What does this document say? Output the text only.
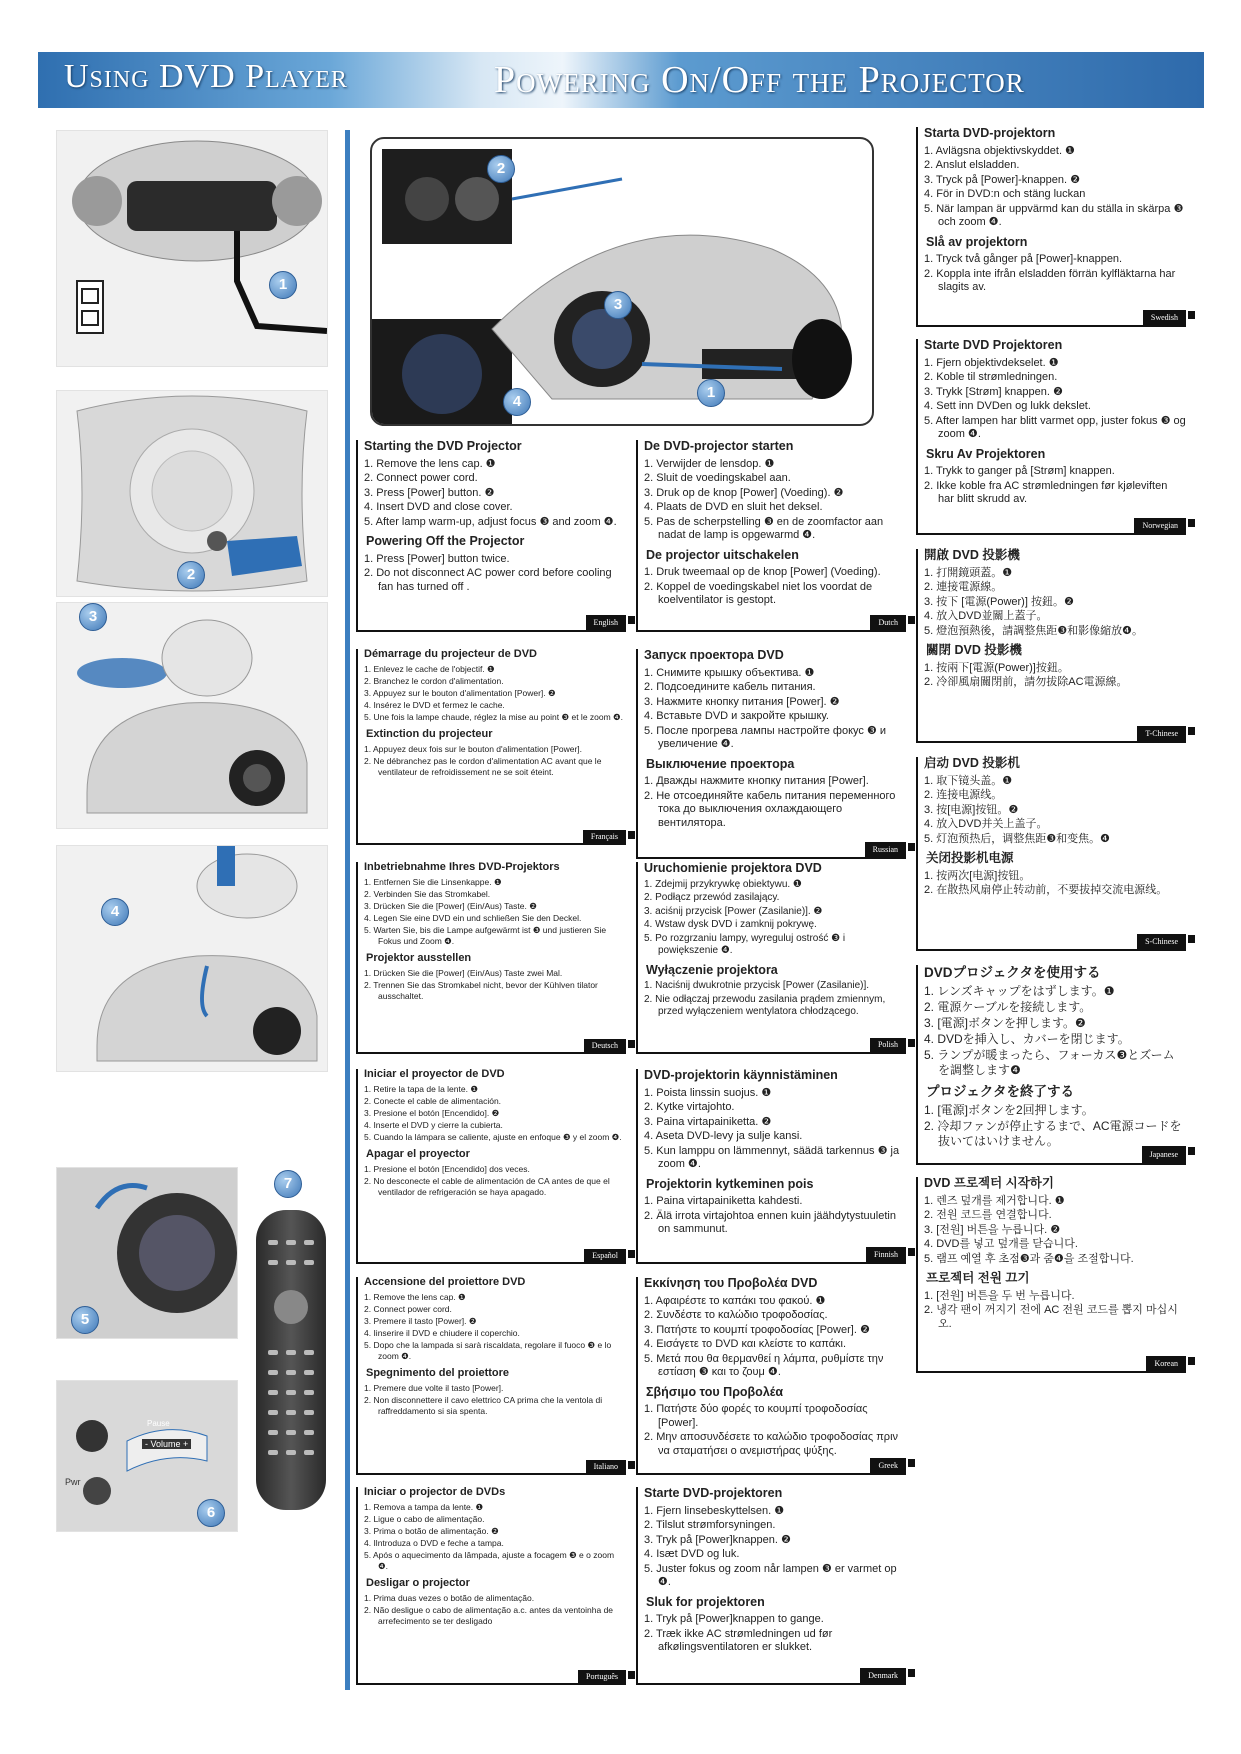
Using DVD Player	Powering On/Off the Projector
1
2
3
4
5
- Volume +
Pwr
Pause
6
7
1
2
3
4
Starting the DVD Projector
1. Remove the lens cap. ❶
2. Connect power cord.
3. Press [Power] button. ❷
4. Insert DVD and close cover.
5. After lamp warm-up, adjust focus ❸ and zoom ❹.
Powering Off the Projector
1. Press [Power] button twice.
2. Do not disconnect AC power cord before cooling fan has turned off .
English
Démarrage du projecteur de DVD
1. Enlevez le cache de l'objectif. ❶
2. Branchez le cordon d'alimentation.
3. Appuyez sur le bouton d'alimentation [Power]. ❷
4. Insérez le DVD et fermez le cache.
5. Une fois la lampe chaude, réglez la mise au point ❸ et le zoom ❹.
Extinction du projecteur
1. Appuyez deux fois sur le bouton d'alimentation [Power].
2. Ne débranchez pas le cordon d'alimentation AC avant que le ventilateur de refroidissement ne se soit éteint.
Français
Inbetriebnahme Ihres DVD-Projektors
1. Entfernen Sie die Linsenkappe. ❶
2. Verbinden Sie das Stromkabel.
3. Drücken Sie die [Power] (Ein/Aus) Taste. ❷
4. Legen Sie eine DVD ein und schließen Sie den Deckel.
5. Warten Sie, bis die Lampe aufgewärmt ist ❸ und justieren Sie Fokus und Zoom ❹.
Projektor ausstellen
1. Drücken Sie die [Power] (Ein/Aus) Taste zwei Mal.
2. Trennen Sie das Stromkabel nicht, bevor der Kühlven tilator ausschaltet.
Deutsch
Iniciar el proyector de DVD
1. Retire la tapa de la lente. ❶
2. Conecte el cable de alimentación.
3. Presione el botón [Encendido]. ❷
4. Inserte el DVD y cierre la cubierta.
5. Cuando la lámpara se caliente, ajuste en enfoque ❸ y el zoom ❹.
Apagar el proyector
1. Presione el botón [Encendido] dos veces.
2. No desconecte el cable de alimentación de CA antes de que el ventilador de refrigeración se haya apagado.
Español
Accensione del proiettore DVD
1. Remove the lens cap. ❶
2. Connect power cord.
3. Premere il tasto [Power]. ❷
4. Iinserire il DVD e chiudere il coperchio.
5. Dopo che la lampada si sarà riscaldata, regolare il fuoco ❸ e lo zoom ❹.
Spegnimento del proiettore
1. Premere due volte il tasto [Power].
2. Non disconnettere il cavo elettrico CA prima che la ventola di raffreddamento si sia spenta.
Italiano
Iniciar o projector de DVDs
1. Remova a tampa da lente. ❶
2. Ligue o cabo de alimentação.
3. Prima o botão de alimentação. ❷
4. Ilntroduza o DVD e feche a tampa.
5. Após o aquecimento da lâmpada, ajuste a focagem ❸ e o zoom ❹.
Desligar o projector
1. Prima duas vezes o botão de alimentação.
2. Não desligue o cabo de alimentação a.c. antes da ventoinha de arrefecimento se ter desligado
Português
De DVD-projector starten
1. Verwijder de lensdop. ❶
2. Sluit de voedingskabel aan.
3. Druk op de knop [Power] (Voeding). ❷
4. Plaats de DVD en sluit het deksel.
5. Pas de scherpstelling ❸ en de zoomfactor aan nadat de lamp is opgewarmd ❹.
De projector uitschakelen
1. Druk tweemaal op de knop [Power] (Voeding).
2. Koppel de voedingskabel niet los voordat de koelventilator is gestopt.
Dutch
Запуск проектора DVD
1. Снимите крышку объектива. ❶
2. Подсоедините кабель питания.
3. Нажмите кнопку питания [Power]. ❷
4. Вставьте DVD и закройте крышку.
5. После прогрева лампы настройте фокус ❸ и увеличение ❹.
Выключение проектора
1. Дважды нажмите кнопку питания [Power].
2. Не отсоединяйте кабель питания переменного тока до выключения охлаждающего вентилятора.
Russian
Uruchomienie projektora DVD
1. Zdejmij przykrywkę obiektywu. ❶
2. Podłącz przewód zasilający.
3. aciśnij przycisk [Power (Zasilanie)]. ❷
4. Wstaw dysk DVD i zamknij pokrywę.
5. Po rozgrzaniu lampy, wyreguluj ostrość ❸ i powiększenie ❹.
Wyłączenie projektora
1. Naciśnij dwukrotnie przycisk [Power (Zasilanie)].
2. Nie odłączaj przewodu zasilania prądem zmiennym, przed wyłączeniem wentylatora chłodzącego.
Polish
DVD-projektorin käynnistäminen
1. Poista linssin suojus. ❶
2. Kytke virtajohto.
3. Paina virtapainiketta. ❷
4. Aseta DVD-levy ja sulje kansi.
5. Kun lamppu on lämmennyt, säädä tarkennus ❸ ja zoom ❹.
Projektorin kytkeminen pois
1. Paina virtapainiketta kahdesti.
2. Älä irrota virtajohtoa ennen kuin jäähdytystuuletin on sammunut.
Finnish
Εκκίνηση του Προβολέα DVD
1. Αφαιρέστε το καπάκι του φακού. ❶
2. Συνδέστε το καλώδιο τροφοδοσίας.
3. Πατήστε το κουμπί τροφοδοσίας [Power]. ❷
4. Εισάγετε το DVD και κλείστε το καπάκι.
5. Μετά που θα θερμανθεί η λάμπα, ρυθμίστε την εστίαση ❸ και το ζουμ ❹.
Σβήσιμο του Προβολέα
1. Πατήστε δύο φορές το κουμπί τροφοδοσίας [Power].
2. Μην αποσυνδέσετε το καλώδιο τροφοδοσίας πριν να σταματήσει ο ανεμιστήρας ψύξης.
Greek
Starte DVD-projektoren
1. Fjern linsebeskyttelsen. ❶
2. Tilslut strømforsyningen.
3. Tryk på [Power]knappen. ❷
4. Isæt DVD og luk.
5. Juster fokus og zoom når lampen ❸ er varmet op ❹.
Sluk for projektoren
1. Tryk på [Power]knappen to gange.
2. Træk ikke AC strømledningen ud før afkølingsventilatoren er slukket.
Denmark
Starta DVD-projektorn
1. Avlägsna objektivskyddet. ❶
2. Anslut elsladden.
3. Tryck på [Power]-knappen. ❷
4. För in DVD:n och stäng luckan
5. När lampan är uppvärmd kan du ställa in skärpa ❸ och zoom ❹.
Slå av projektorn
1. Tryck två gånger på [Power]-knappen.
2. Koppla inte ifrån elsladden förrän kylfläktarna har slagits av.
Swedish
Starte DVD Projektoren
1. Fjern objektivdekselet. ❶
2. Koble til strømledningen.
3. Trykk [Strøm] knappen. ❷
4. Sett inn DVDen og lukk dekslet.
5. After lampen har blitt varmet opp, juster fokus ❸ og zoom ❹.
Skru Av Projektoren
1. Trykk to ganger på [Strøm] knappen.
2. Ikke koble fra AC strømledningen før kjøleviften har blitt skrudd av.
Norwegian
開啟 DVD 投影機
1. 打開鏡頭蓋。❶
2. 連接電源線。
3. 按下 [電源(Power)] 按鈕。❷
4. 放入DVD並關上蓋子。
5. 燈泡預熱後，請調整焦距❸和影像縮放❹。
關閉 DVD 投影機
1. 按兩下[電源(Power)]按鈕。
2. 冷卻風扇關閉前，請勿拔除AC電源線。
T-Chinese
启动 DVD 投影机
1. 取下镜头盖。❶
2. 连接电源线。
3. 按[电源]按钮。❷
4. 放入DVD并关上盖子。
5. 灯泡预热后，调整焦距❸和变焦。❹
关闭投影机电源
1. 按两次[电源]按钮。
2. 在散热风扇停止转动前，不要拔掉交流电源线。
S-Chinese
DVDプロジェクタを使用する
1. レンズキャップをはずします。❶
2. 電源ケーブルを接続します。
3. [電源]ボタンを押します。❷
4. DVDを挿入し、カバーを閉じます。
5. ランプが暖まったら、フォーカス❸とズームを調整します❹
プロジェクタを終了する
1. [電源]ボタンを2回押します。
2. 冷却ファンが停止するまで、AC電源コードを抜いてはいけません。
Japanese
DVD 프로젝터 시작하기
1. 렌즈 덮개를 제거합니다. ❶
2. 전원 코드를 연결합니다.
3. [전원] 버튼을 누릅니다. ❷
4. DVD를 넣고 덮개를 닫습니다.
5. 램프 예열 후 초점❸과 줌❹을 조절합니다.
프로젝터 전원 끄기
1. [전원] 버튼을 두 번 누릅니다.
2. 냉각 팬이 꺼지기 전에 AC 전원 코드를 뽑지 마십시오.
Korean
